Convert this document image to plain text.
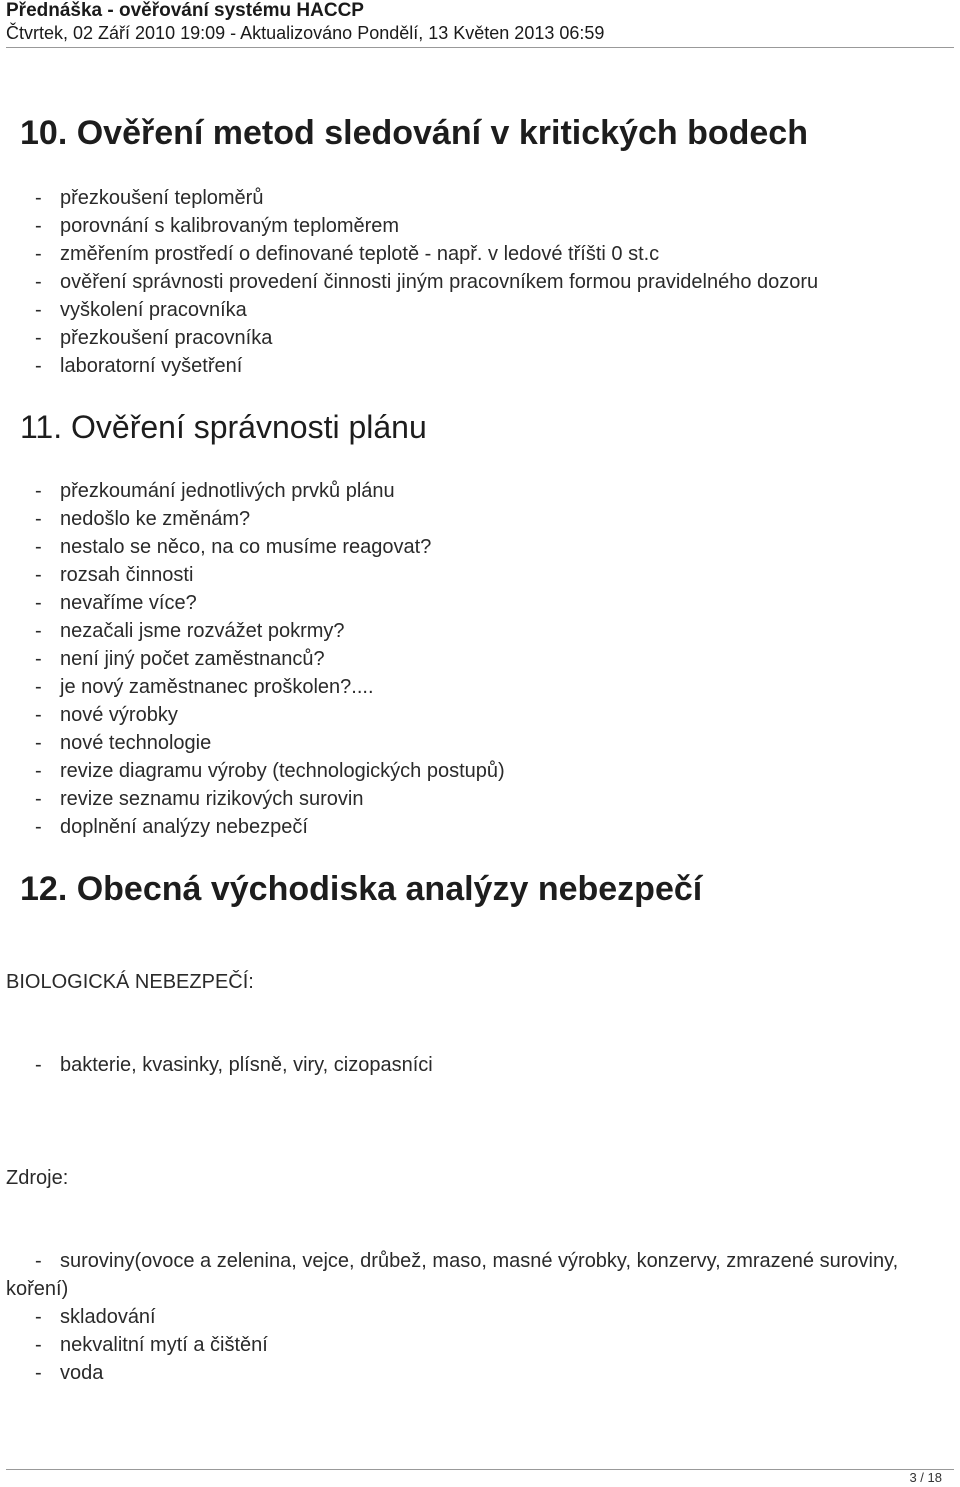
Přednáška - ověřování systému HACCP
Čtvrtek, 02 Září 2010 19:09 - Aktualizováno Pondělí, 13 Květen 2013 06:59
10. Ověření metod sledování v kritických bodech
- přezkoušení teploměrů
- porovnání s kalibrovaným teploměrem
- změřením prostředí o definované teplotě - např. v ledové tříšti 0 st.c
- ověření správnosti provedení činnosti jiným pracovníkem formou pravidelného dozoru
- vyškolení pracovníka
- přezkoušení pracovníka
- laboratorní vyšetření
11. Ověření správnosti plánu
- přezkoumání jednotlivých prvků plánu
- nedošlo ke změnám?
- nestalo se něco, na co musíme reagovat?
- rozsah činnosti
- nevaříme více?
- nezačali jsme rozvážet pokrmy?
- není jiný počet zaměstnanců?
- je nový zaměstnanec proškolen?....
- nové výrobky
- nové technologie
- revize diagramu výroby (technologických postupů)
- revize seznamu rizikových surovin
- doplnění analýzy nebezpečí
12. Obecná východiska analýzy nebezpečí
BIOLOGICKÁ NEBEZPEČÍ:
- bakterie, kvasinky, plísně, viry, cizopasníci
Zdroje:
- suroviny(ovoce a zelenina, vejce, drůbež, maso, masné výrobky, konzervy, zmrazené suroviny, koření)
- skladování
- nekvalitní mytí a čištění
- voda
3 / 18
